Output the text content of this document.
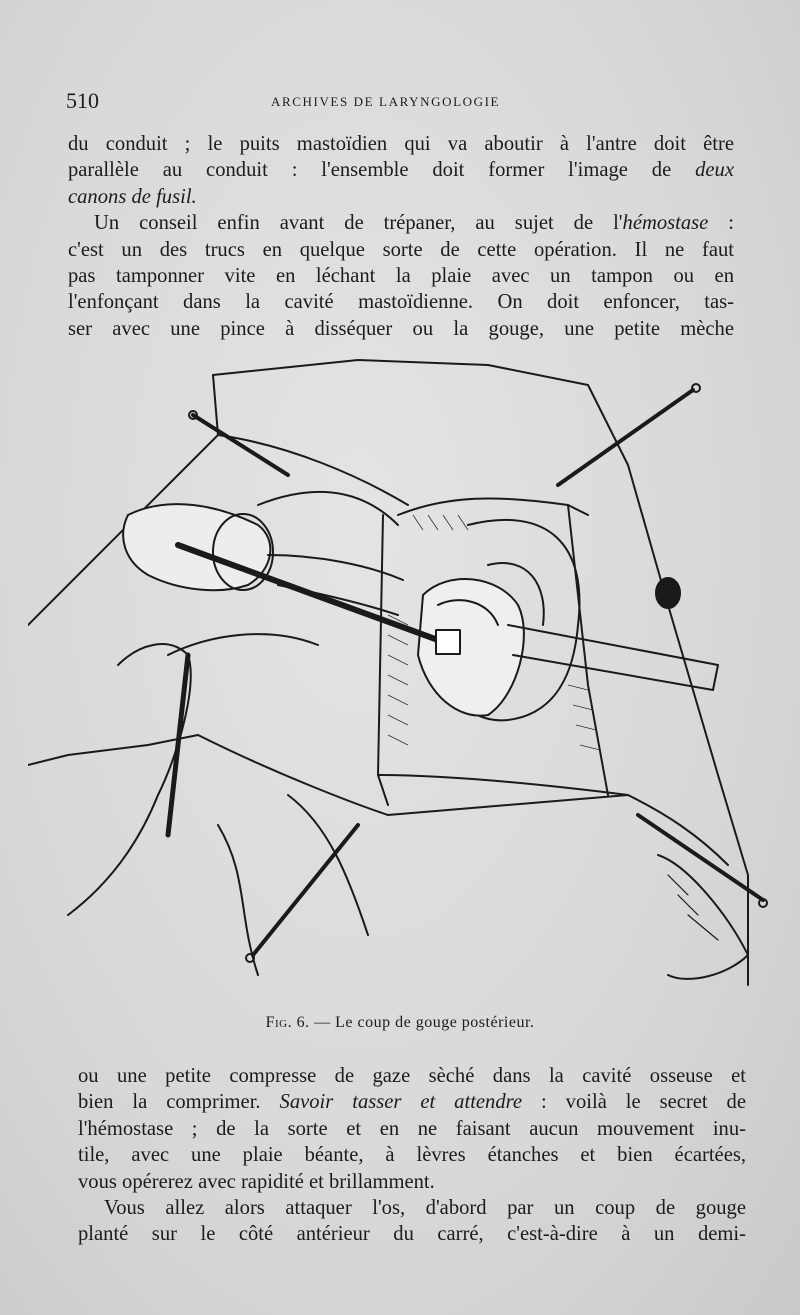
510	ARCHIVES DE LARYNGOLOGIE
du conduit ; le puits mastoïdien qui va aboutir à l'antre doit être
parallèle au conduit : l'ensemble doit former l'image de deux
canons de fusil.
Un conseil enfin avant de trépaner, au sujet de l'hémostase :
c'est un des trucs en quelque sorte de cette opération. Il ne faut
pas tamponner vite en léchant la plaie avec un tampon ou en
l'enfonçant dans la cavité mastoïdienne. On doit enfoncer, tas-
ser avec une pince à disséquer ou la gouge, une petite mèche
Fig. 6. — Le coup de gouge postérieur.
ou une petite compresse de gaze sèché dans la cavité osseuse et
bien la comprimer. Savoir tasser et attendre : voilà le secret de
l'hémostase ; de la sorte et en ne faisant aucun mouvement inu-
tile, avec une plaie béante, à lèvres étanches et bien écartées,
vous opérerez avec rapidité et brillamment.
Vous allez alors attaquer l'os, d'abord par un coup de gouge
planté sur le côté antérieur du carré, c'est-à-dire à un demi-
